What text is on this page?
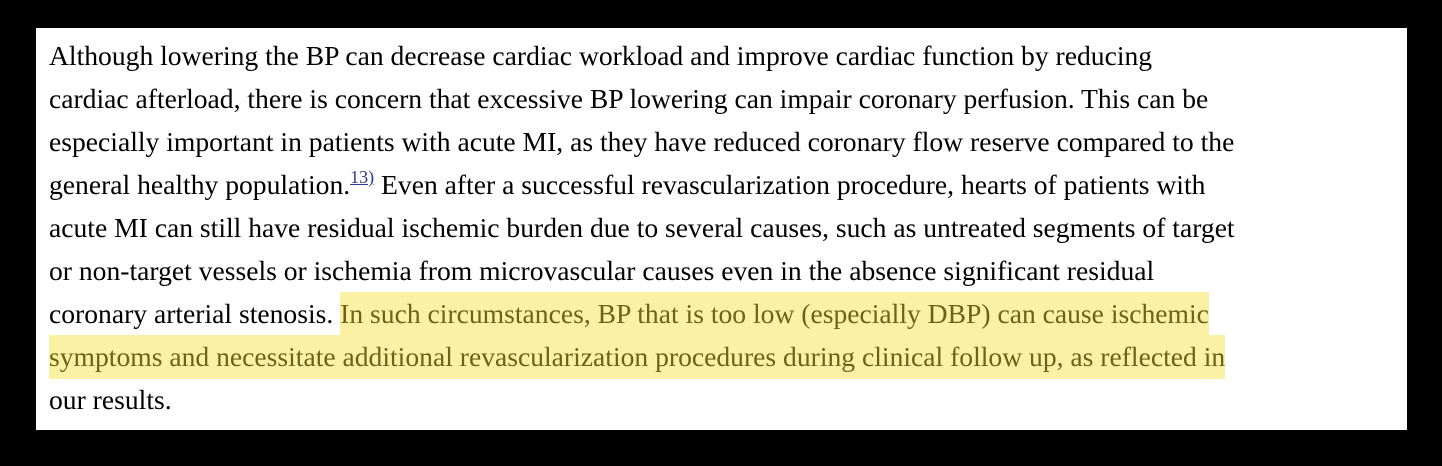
Although lowering the BP can decrease cardiac workload and improve cardiac function by reducing
cardiac afterload, there is concern that excessive BP lowering can impair coronary perfusion. This can be
especially important in patients with acute MI, as they have reduced coronary flow reserve compared to the
general healthy population.$^{13)}$ Even after a successful revascularization procedure, hearts of patients with
acute MI can still have residual ischemic burden due to several causes, such as untreated segments of target
or non-target vessels or ischemia from microvascular causes even in the absence significant residual
coronary arterial stenosis. In such circumstances, BP that is too low (especially DBP) can cause ischemic
symptoms and necessitate additional revascularization procedures during clinical follow up, as reflected in
our results.
